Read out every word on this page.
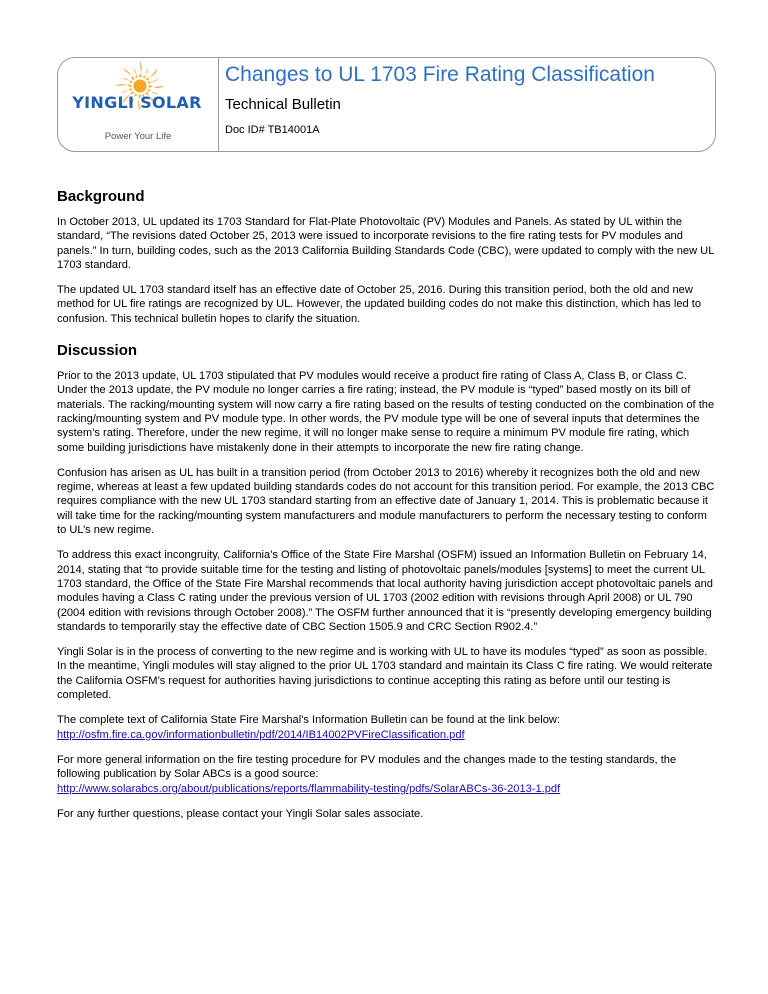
YINGLI SOLAR
Power Your Life
Changes to UL 1703 Fire Rating Classification
Technical Bulletin
Doc ID# TB14001A
Background

In October 2013, UL updated its 1703 Standard for Flat-Plate Photovoltaic (PV) Modules and Panels. As stated by UL within the standard, “The revisions dated October 25, 2013 were issued to incorporate revisions to the fire rating tests for PV modules and panels.” In turn, building codes, such as the 2013 California Building Standards Code (CBC), were updated to comply with the new UL 1703 standard.

The updated UL 1703 standard itself has an effective date of October 25, 2016. During this transition period, both the old and new method for UL fire ratings are recognized by UL. However, the updated building codes do not make this distinction, which has led to confusion. This technical bulletin hopes to clarify the situation.

Discussion

Prior to the 2013 update, UL 1703 stipulated that PV modules would receive a product fire rating of Class A, Class B, or Class C. Under the 2013 update, the PV module no longer carries a fire rating; instead, the PV module is “typed” based mostly on its bill of materials. The racking/mounting system will now carry a fire rating based on the results of testing conducted on the combination of the racking/mounting system and PV module type. In other words, the PV module type will be one of several inputs that determines the system’s rating. Therefore, under the new regime, it will no longer make sense to require a minimum PV module fire rating, which some building jurisdictions have mistakenly done in their attempts to incorporate the new fire rating change.

Confusion has arisen as UL has built in a transition period (from October 2013 to 2016) whereby it recognizes both the old and new regime, whereas at least a few updated building standards codes do not account for this transition period. For example, the 2013 CBC requires compliance with the new UL 1703 standard starting from an effective date of January 1, 2014. This is problematic because it will take time for the racking/mounting system manufacturers and module manufacturers to perform the necessary testing to conform to UL’s new regime.

To address this exact incongruity, California’s Office of the State Fire Marshal (OSFM) issued an Information Bulletin on February 14, 2014, stating that “to provide suitable time for the testing and listing of photovoltaic panels/modules [systems] to meet the current UL 1703 standard, the Office of the State Fire Marshal recommends that local authority having jurisdiction accept photovoltaic panels and modules having a Class C rating under the previous version of UL 1703 (2002 edition with revisions through April 2008) or UL 790 (2004 edition with revisions through October 2008).” The OSFM further announced that it is “presently developing emergency building standards to temporarily stay the effective date of CBC Section 1505.9 and CRC Section R902.4.”

Yingli Solar is in the process of converting to the new regime and is working with UL to have its modules “typed” as soon as possible. In the meantime, Yingli modules will stay aligned to the prior UL 1703 standard and maintain its Class C fire rating. We would reiterate the California OSFM’s request for authorities having jurisdictions to continue accepting this rating as before until our testing is completed.

The complete text of California State Fire Marshal’s Information Bulletin can be found at the link below:

http://osfm.fire.ca.gov/informationbulletin/pdf/2014/IB14002PVFireClassification.pdf

For more general information on the fire testing procedure for PV modules and the changes made to the testing standards, the following publication by Solar ABCs is a good source:

http://www.solarabcs.org/about/publications/reports/flammability-testing/pdfs/SolarABCs-36-2013-1.pdf

For any further questions, please contact your Yingli Solar sales associate.
